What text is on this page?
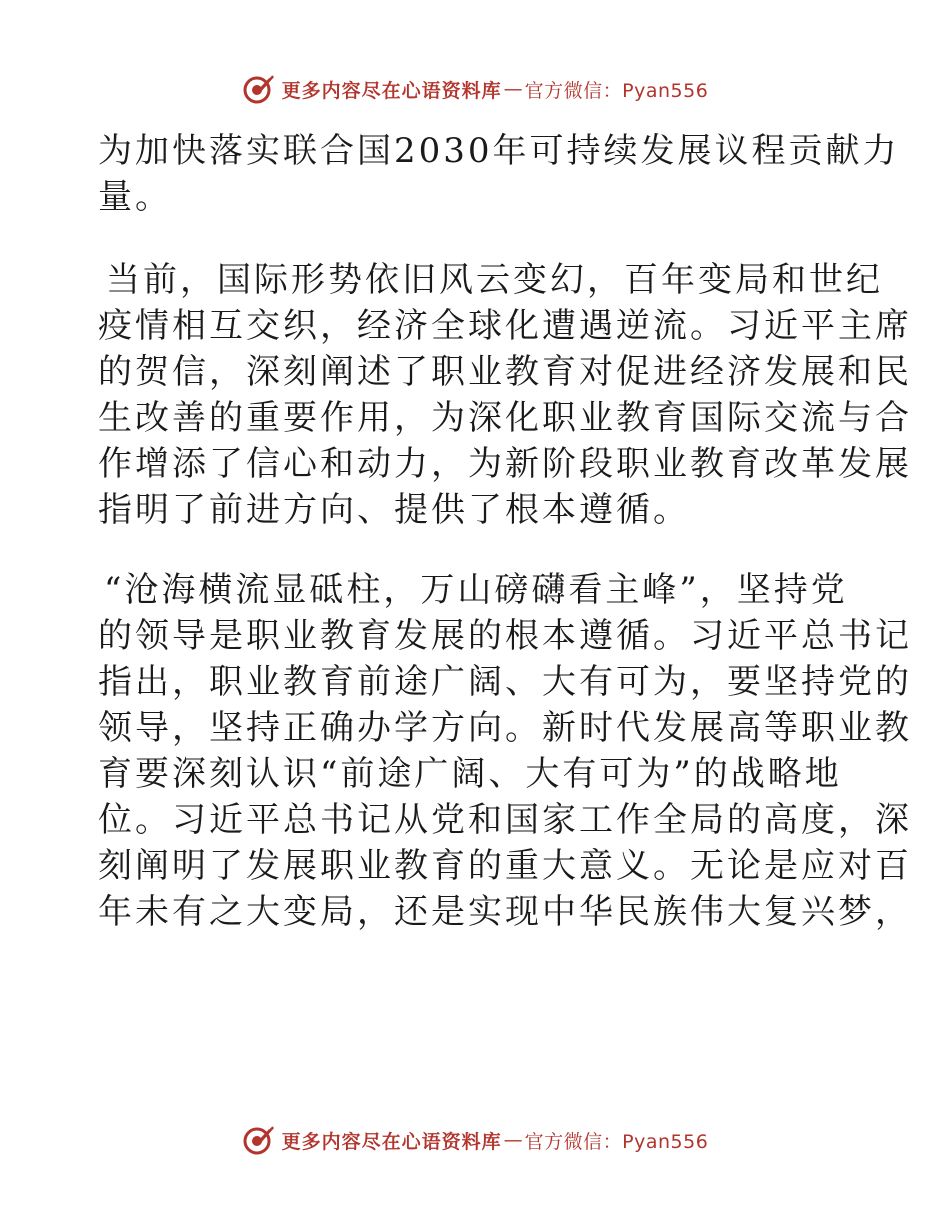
更多内容尽在心语资料库 — 官方微信：Pyan556

为加快落实联合国2030年可持续发展议程贡献力
量。

当前，国际形势依旧风云变幻，百年变局和世纪
疫情相互交织，经济全球化遭遇逆流。习近平主席
的贺信，深刻阐述了职业教育对促进经济发展和民
生改善的重要作用，为深化职业教育国际交流与合
作增添了信心和动力，为新阶段职业教育改革发展
指明了前进方向、提供了根本遵循。

“沧海横流显砥柱，万山磅礴看主峰”，坚持党
的领导是职业教育发展的根本遵循。习近平总书记
指出，职业教育前途广阔、大有可为，要坚持党的
领导，坚持正确办学方向。新时代发展高等职业教
育要深刻认识“前途广阔、大有可为”的战略地
位。习近平总书记从党和国家工作全局的高度，深
刻阐明了发展职业教育的重大意义。无论是应对百
年未有之大变局，还是实现中华民族伟大复兴梦，

更多内容尽在心语资料库 — 官方微信：Pyan556
